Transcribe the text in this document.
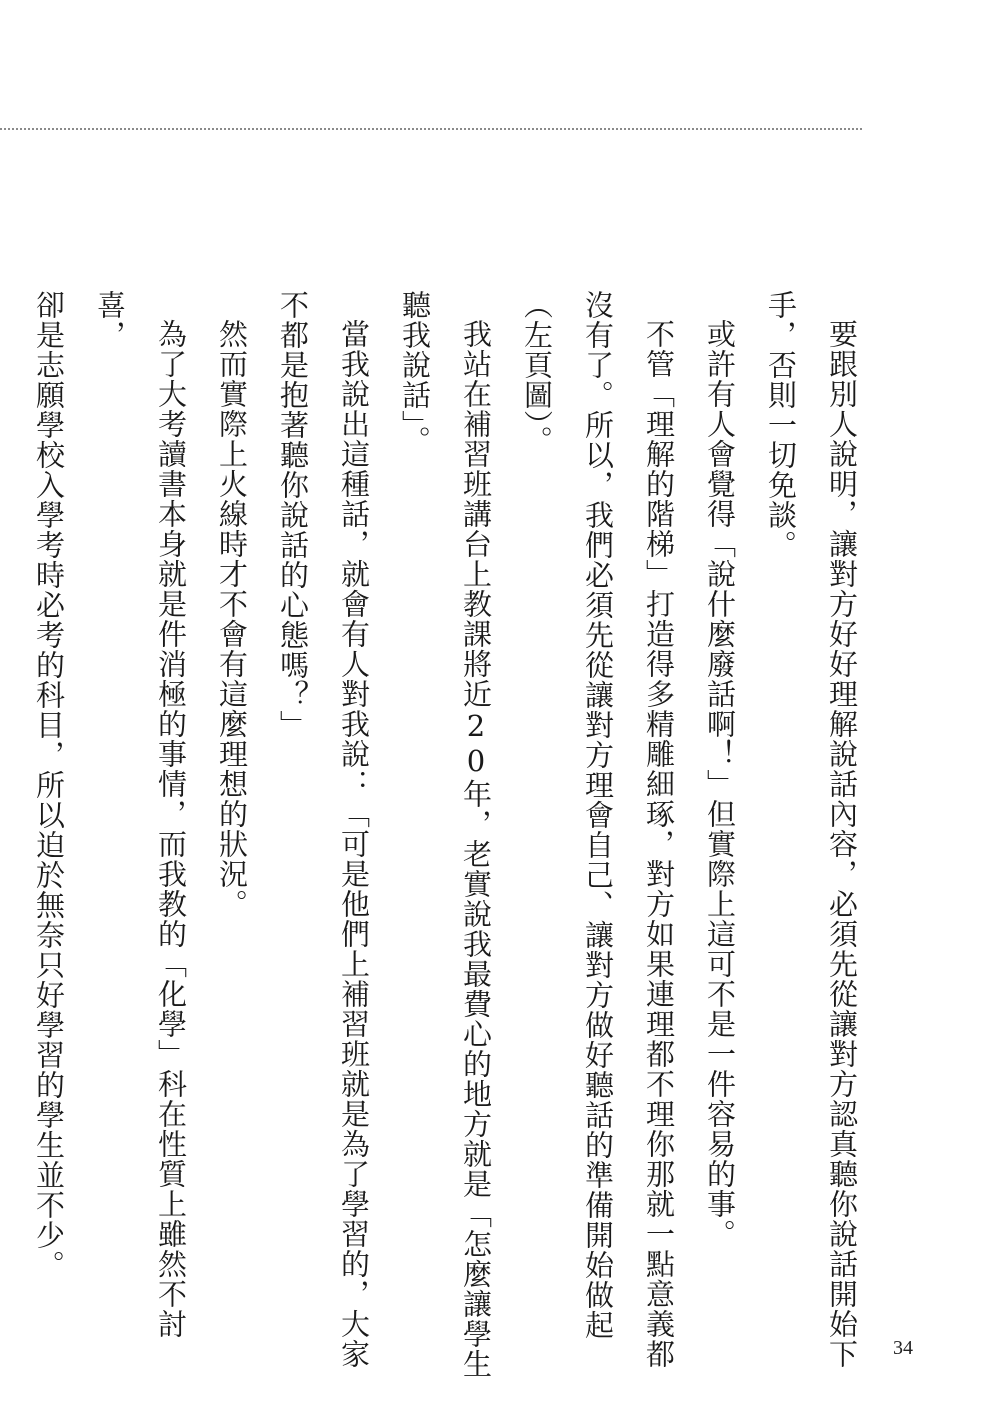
要跟別人說明，讓對方好好理解說話內容，必須先從讓對方認真聽你說話開始下手，否則一切免談。

或許有人會覺得「說什麼廢話啊！」但實際上這可不是一件容易的事。

不管「理解的階梯」打造得多精雕細琢，對方如果連理都不理你那就一點意義都沒有了。所以，我們必須先從讓對方理會自己、讓對方做好聽話的準備開始做起（左頁圖）。

我站在補習班講台上教課將近20年，老實說我最費心的地方就是「怎麼讓學生聽我說話」。

當我說出這種話，就會有人對我說：「可是他們上補習班就是為了學習的，大家不都是抱著聽你說話的心態嗎？」

然而實際上火線時才不會有這麼理想的狀況。

為了大考讀書本身就是件消極的事情，而我教的「化學」科在性質上雖然不討喜，

卻是志願學校入學考時必考的科目，所以迫於無奈只好學習的學生並不少。

34
